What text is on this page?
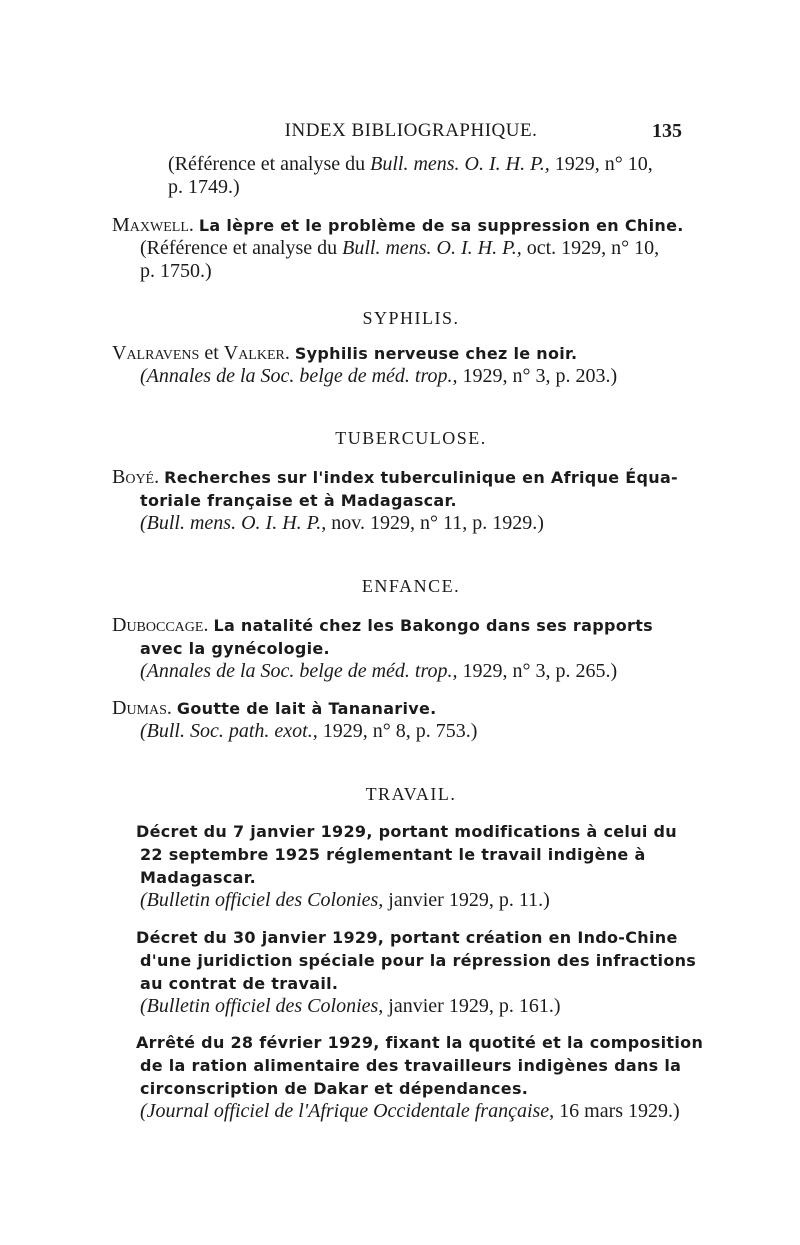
INDEX BIBLIOGRAPHIQUE.	135
(Référence et analyse du Bull. mens. O. I. H. P., 1929, n° 10,
p. 1749.)
Maxwell. La lèpre et le problème de sa suppression en Chine.
(Référence et analyse du Bull. mens. O. I. H. P., oct. 1929, n° 10,
p. 1750.)
SYPHILIS.
Valravens et Valker. Syphilis nerveuse chez le noir.
(Annales de la Soc. belge de méd. trop., 1929, n° 3, p. 203.)
TUBERCULOSE.
Boyé. Recherches sur l'index tuberculinique en Afrique Équa-
toriale française et à Madagascar.
(Bull. mens. O. I. H. P., nov. 1929, n° 11, p. 1929.)
ENFANCE.
Duboccage. La natalité chez les Bakongo dans ses rapports
avec la gynécologie.
(Annales de la Soc. belge de méd. trop., 1929, n° 3, p. 265.)
Dumas. Goutte de lait à Tananarive.
(Bull. Soc. path. exot., 1929, n° 8, p. 753.)
TRAVAIL.
Décret du 7 janvier 1929, portant modifications à celui du
22 septembre 1925 réglementant le travail indigène à
Madagascar.
(Bulletin officiel des Colonies, janvier 1929, p. 11.)
Décret du 30 janvier 1929, portant création en Indo-Chine
d'une juridiction spéciale pour la répression des infractions
au contrat de travail.
(Bulletin officiel des Colonies, janvier 1929, p. 161.)
Arrêté du 28 février 1929, fixant la quotité et la composition
de la ration alimentaire des travailleurs indigènes dans la
circonscription de Dakar et dépendances.
(Journal officiel de l'Afrique Occidentale française, 16 mars 1929.)
